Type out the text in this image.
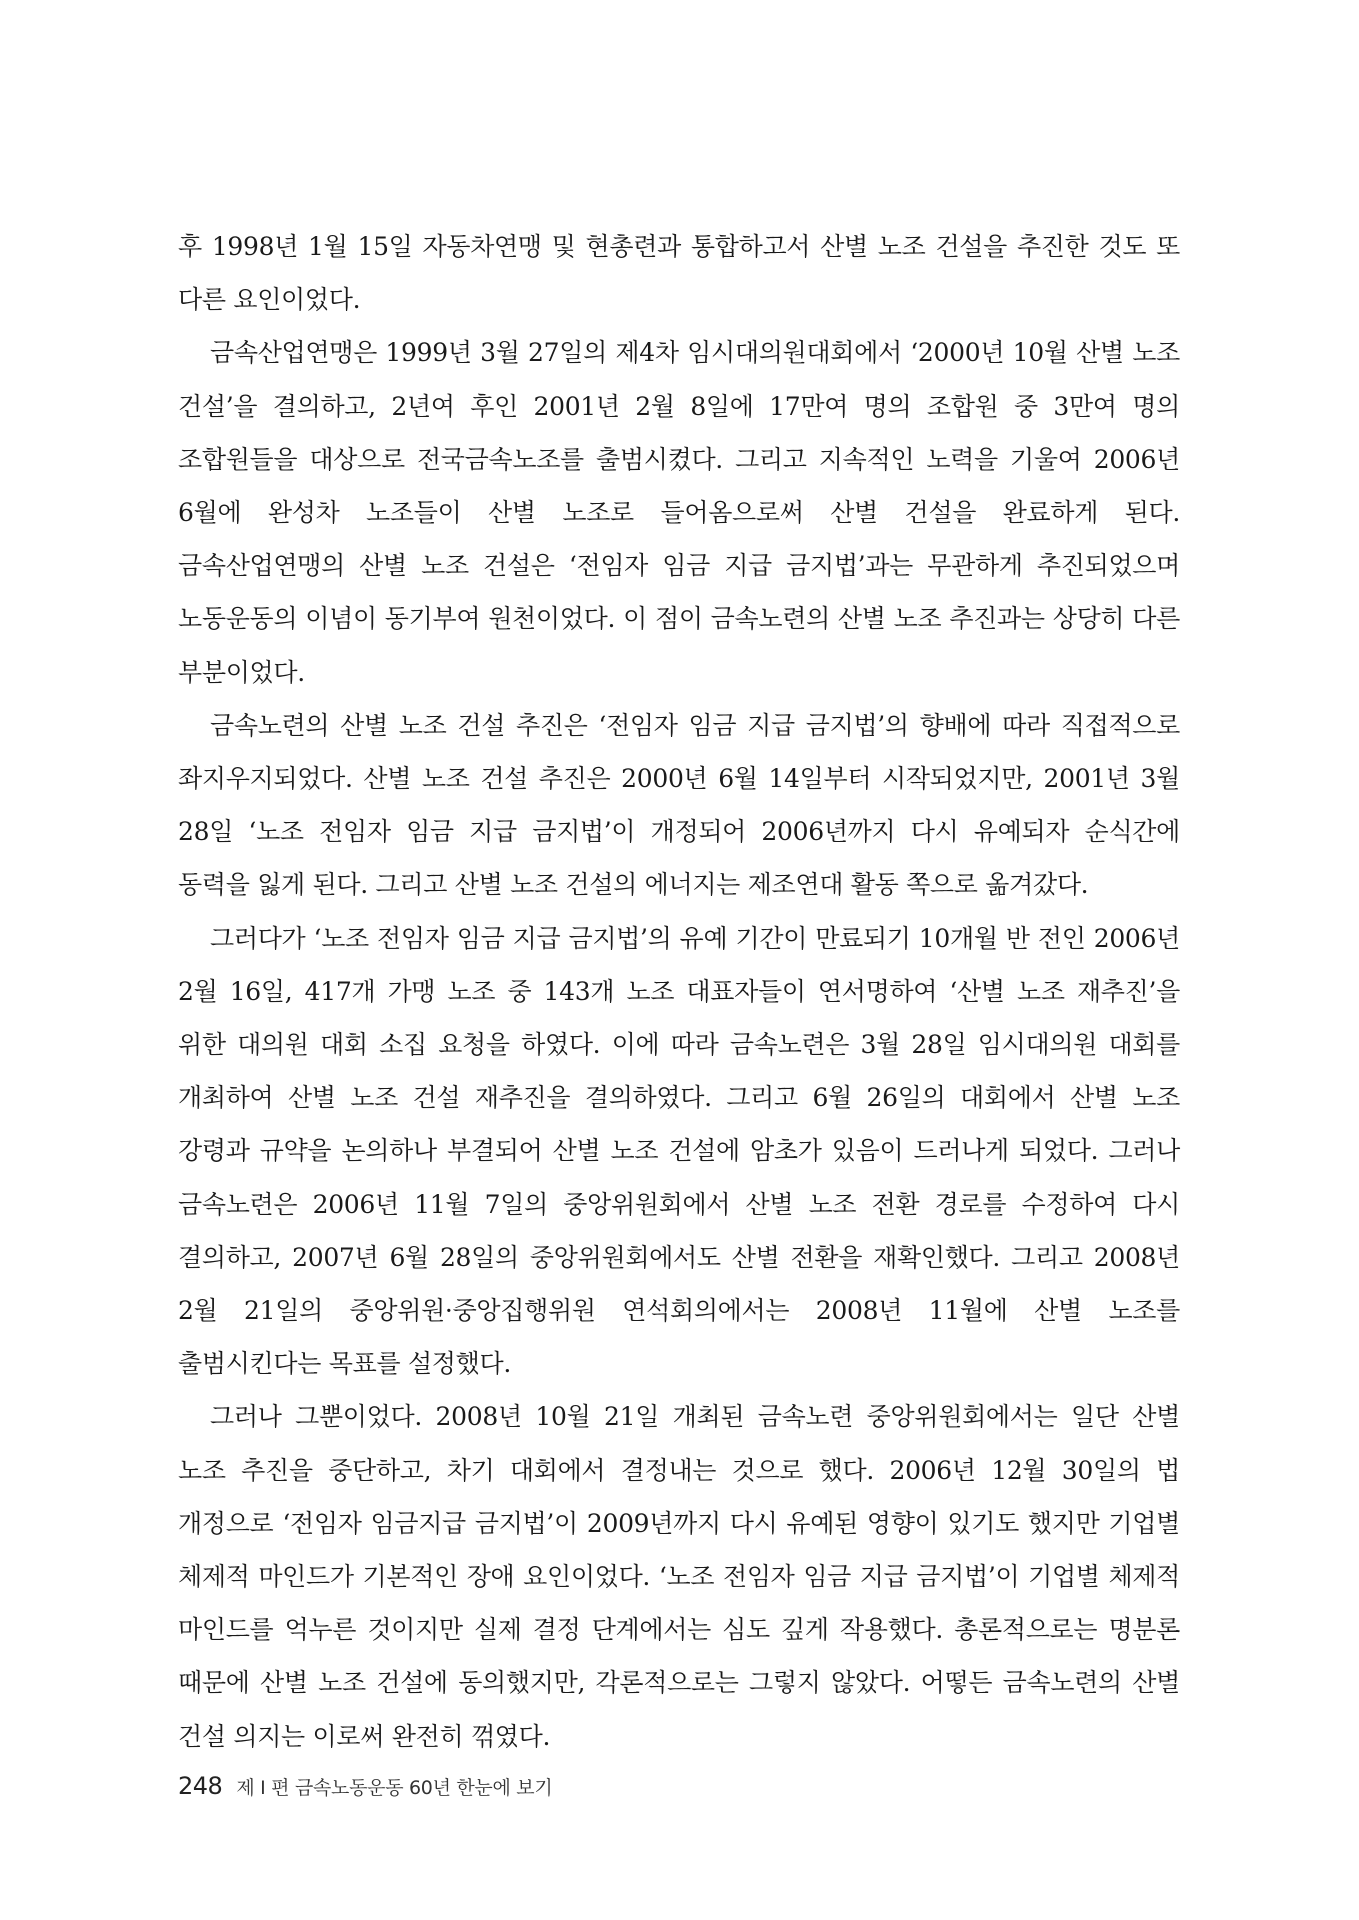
후 1998년 1월 15일 자동차연맹 및 현총련과 통합하고서 산별 노조 건설을 추진한 것도 또 다른 요인이었다.

금속산업연맹은 1999년 3월 27일의 제4차 임시대의원대회에서 ‘2000년 10월 산별 노조 건설’을 결의하고, 2년여 후인 2001년 2월 8일에 17만여 명의 조합원 중 3만여 명의 조합원들을 대상으로 전국금속노조를 출범시켰다. 그리고 지속적인 노력을 기울여 2006년 6월에 완성차 노조들이 산별 노조로 들어옴으로써 산별 건설을 완료하게 된다. 금속산업연맹의 산별 노조 건설은 ‘전임자 임금 지급 금지법’과는 무관하게 추진되었으며 노동운동의 이념이 동기부여 원천이었다. 이 점이 금속노련의 산별 노조 추진과는 상당히 다른 부분이었다.

금속노련의 산별 노조 건설 추진은 ‘전임자 임금 지급 금지법’의 향배에 따라 직접적으로 좌지우지되었다. 산별 노조 건설 추진은 2000년 6월 14일부터 시작되었지만, 2001년 3월 28일 ‘노조 전임자 임금 지급 금지법’이 개정되어 2006년까지 다시 유예되자 순식간에 동력을 잃게 된다. 그리고 산별 노조 건설의 에너지는 제조연대 활동 쪽으로 옮겨갔다.

그러다가 ‘노조 전임자 임금 지급 금지법’의 유예 기간이 만료되기 10개월 반 전인 2006년 2월 16일, 417개 가맹 노조 중 143개 노조 대표자들이 연서명하여 ‘산별 노조 재추진’을 위한 대의원 대회 소집 요청을 하였다. 이에 따라 금속노련은 3월 28일 임시대의원 대회를 개최하여 산별 노조 건설 재추진을 결의하였다. 그리고 6월 26일의 대회에서 산별 노조 강령과 규약을 논의하나 부결되어 산별 노조 건설에 암초가 있음이 드러나게 되었다. 그러나 금속노련은 2006년 11월 7일의 중앙위원회에서 산별 노조 전환 경로를 수정하여 다시 결의하고, 2007년 6월 28일의 중앙위원회에서도 산별 전환을 재확인했다. 그리고 2008년 2월 21일의 중앙위원·중앙집행위원 연석회의에서는 2008년 11월에 산별 노조를 출범시킨다는 목표를 설정했다.

그러나 그뿐이었다. 2008년 10월 21일 개최된 금속노련 중앙위원회에서는 일단 산별 노조 추진을 중단하고, 차기 대회에서 결정내는 것으로 했다. 2006년 12월 30일의 법 개정으로 ‘전임자 임금지급 금지법’이 2009년까지 다시 유예된 영향이 있기도 했지만 기업별 체제적 마인드가 기본적인 장애 요인이었다. ‘노조 전임자 임금 지급 금지법’이 기업별 체제적 마인드를 억누른 것이지만 실제 결정 단계에서는 심도 깊게 작용했다. 총론적으로는 명분론 때문에 산별 노조 건설에 동의했지만, 각론적으로는 그렇지 않았다. 어떻든 금속노련의 산별 건설 의지는 이로써 완전히 꺾였다.

248 제 I 편 금속노동운동 60년 한눈에 보기
